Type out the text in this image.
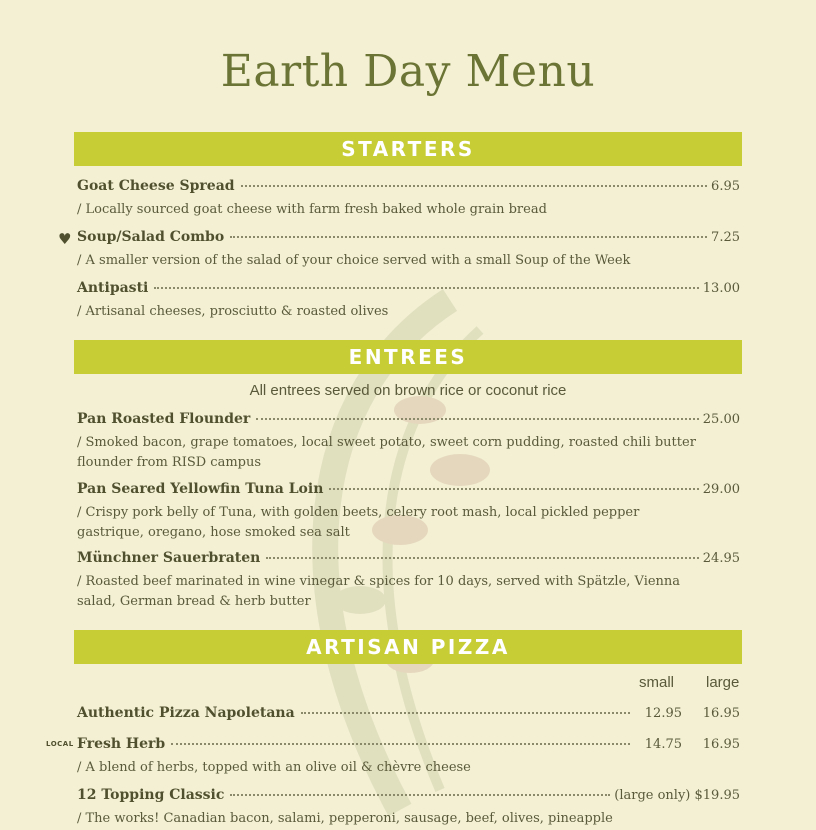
Earth Day Menu
STARTERS
Goat Cheese Spread	6.95
/ Locally sourced goat cheese with farm fresh baked whole grain bread
♥ Soup/Salad Combo	7.25
/ A smaller version of the salad of your choice served with a small Soup of the Week
Antipasti	13.00
/ Artisanal cheeses, prosciutto & roasted olives
ENTREES
All entrees served on brown rice or coconut rice
Pan Roasted Flounder	25.00
/ Smoked bacon, grape tomatoes, local sweet potato, sweet corn pudding, roasted chili butter
flounder from RISD campus
Pan Seared Yellowfin Tuna Loin	29.00
/ Crispy pork belly of Tuna, with golden beets, celery root mash, local pickled pepper
gastrique, oregano, hose smoked sea salt
Münchner Sauerbraten	24.95
/ Roasted beef marinated in wine vinegar & spices for 10 days, served with Spätzle, Vienna
salad, German bread & herb butter
ARTISAN PIZZA
small large
Authentic Pizza Napoletana	12.95	16.95
LOCAL Fresh Herb	14.75	16.95
/ A blend of herbs, topped with an olive oil & chèvre cheese
12 Topping Classic	(large only) $19.95
/ The works! Canadian bacon, salami, pepperoni, sausage, beef, olives, pineapple
